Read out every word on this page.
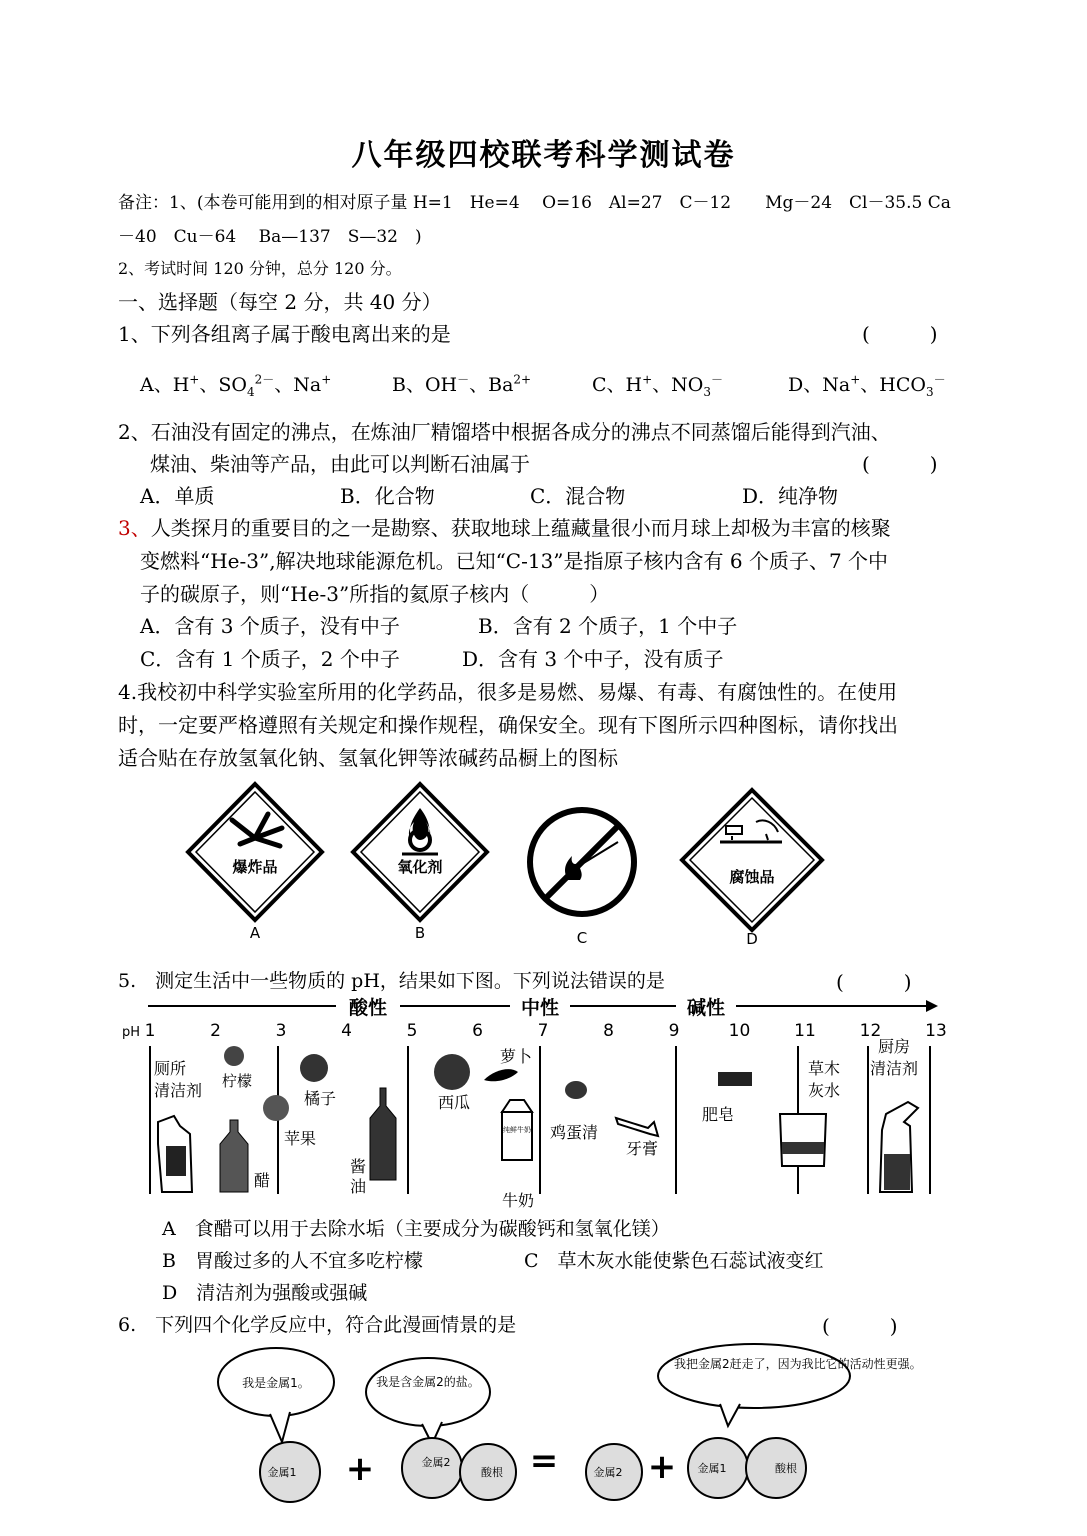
八年级四校联考科学测试卷
备注：1、(本卷可能用到的相对原子量 H=1　He=4　 O=16　Al=27　C－12　　Mg－24　Cl－35.5 Ca
－40　Cu－64　 Ba—137　S—32　)
2、考试时间 120 分钟，总分 120 分。
一、选择题（每空 2 分，共 40 分）
1、下列各组离子属于酸电离出来的是	(　　　)
A、H+、$SO_4^{2-}$、Na+	B、OH－、$Ba^{2+}$	C、H+、$NO_3^-$	D、Na+、$HCO_3^-$
2、石油没有固定的沸点，在炼油厂精馏塔中根据各成分的沸点不同蒸馏后能得到汽油、
煤油、柴油等产品，由此可以判断石油属于	(　　　)
A．单质	B．化合物	C．混合物	D．纯净物
3、人类探月的重要目的之一是勘察、获取地球上蕴藏量很小而月球上却极为丰富的核聚
变燃料“He-3”,解决地球能源危机。已知“C-13”是指原子核内含有 6 个质子、7 个中
子的碳原子，则“He-3”所指的氦原子核内（　　　）
A．含有 3 个质子，没有中子	B．含有 2 个质子，1 个中子
C．含有 1 个质子，2 个中子	D．含有 3 个中子，没有质子
4.我校初中科学实验室所用的化学药品，很多是易燃、易爆、有毒、有腐蚀性的。在使用
时，一定要严格遵照有关规定和操作规程，确保安全。现有下图所示四种图标，请你找出
适合贴在存放氢氧化钠、氢氧化钾等浓碱药品橱上的图标
爆炸品
A
氧化剂
B	C
腐蚀品
D
5.　测定生活中一些物质的 pH，结果如下图。下列说法错误的是	(　　　)
酸性	中性	碱性
pH 1	2	3	4	5	6	7	8	9	10	11	12	13
厕所清洁剂 柠檬
醋
苹果
橘子
酱油
西瓜
萝卜
纯鲜牛奶
牛奶
鸡蛋清
牙膏
肥皂
草木灰水
厨房清洁剂
A　食醋可以用于去除水垢（主要成分为碳酸钙和氢氧化镁）
B　胃酸过多的人不宜多吃柠檬	C　草木灰水能使紫色石蕊试液变红
D　清洁剂为强酸或强碱
6.　下列四个化学反应中，符合此漫画情景的是	(　　　)
我是金属1。	我是含金属2的盐。
我把金属2赶走了，因为我比它的活动性更强。
金属1 +	金属2
酸根 =	金属2 + 金属1	酸根
